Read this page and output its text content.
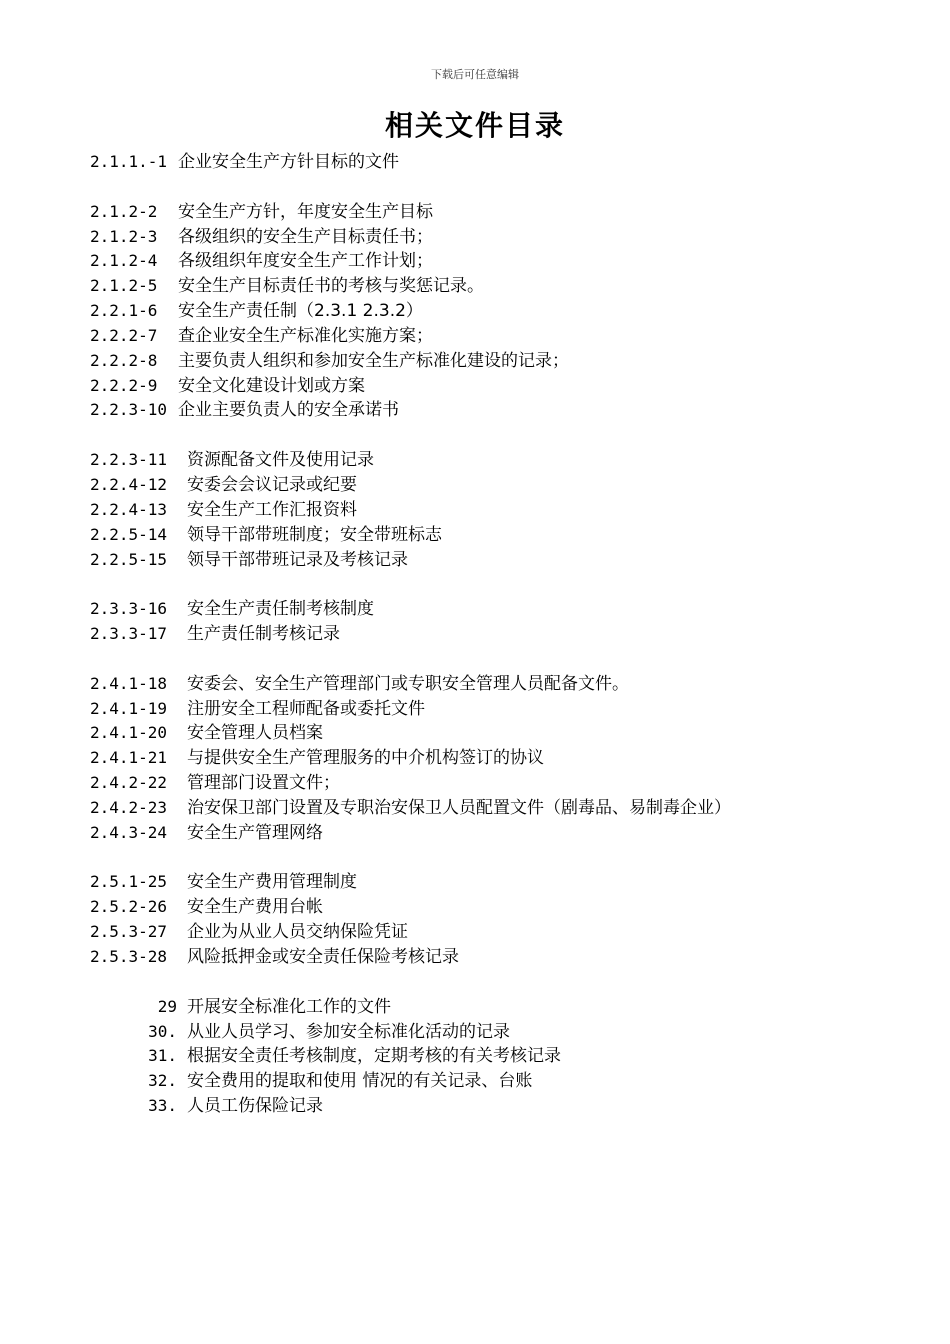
下载后可任意编辑
相关文件目录
2.1.1.-1 企业安全生产方针目标的文件
2.1.2-2	安全生产方针，年度安全生产目标
2.1.2-3	各级组织的安全生产目标责任书；
2.1.2-4	各级组织年度安全生产工作计划；
2.1.2-5	安全生产目标责任书的考核与奖惩记录。
2.2.1-6	安全生产责任制（2.3.1 2.3.2）
2.2.2-7	查企业安全生产标准化实施方案；
2.2.2-8	主要负责人组织和参加安全生产标准化建设的记录；
2.2.2-9	安全文化建设计划或方案
2.2.3-10 企业主要负责人的安全承诺书
2.2.3-11	资源配备文件及使用记录
2.2.4-12	安委会会议记录或纪要
2.2.4-13	安全生产工作汇报资料
2.2.5-14	领导干部带班制度；安全带班标志
2.2.5-15	领导干部带班记录及考核记录
2.3.3-16	安全生产责任制考核制度
2.3.3-17	生产责任制考核记录
2.4.1-18	安委会、安全生产管理部门或专职安全管理人员配备文件。
2.4.1-19	注册安全工程师配备或委托文件
2.4.1-20	安全管理人员档案
2.4.1-21	与提供安全生产管理服务的中介机构签订的协议
2.4.2-22	管理部门设置文件；
2.4.2-23	治安保卫部门设置及专职治安保卫人员配置文件（剧毒品、易制毒企业）
2.4.3-24	安全生产管理网络
2.5.1-25	安全生产费用管理制度
2.5.2-26	安全生产费用台帐
2.5.3-27	企业为从业人员交纳保险凭证
2.5.3-28	风险抵押金或安全责任保险考核记录
29 开展安全标准化工作的文件
30. 从业人员学习、参加安全标准化活动的记录
31. 根据安全责任考核制度，定期考核的有关考核记录
32. 安全费用的提取和使用 情况的有关记录、台账
33. 人员工伤保险记录
